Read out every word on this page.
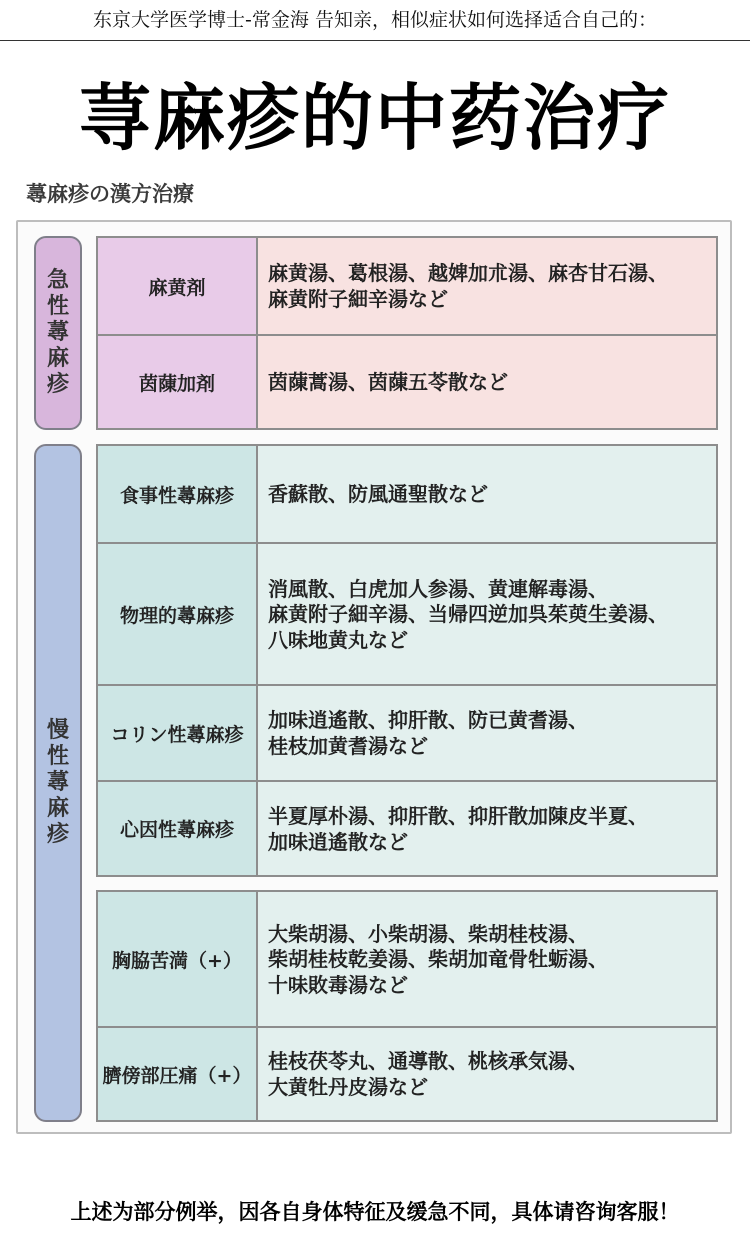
东京大学医学博士-常金海 告知亲，相似症状如何选择适合自己的：
荨麻疹的中药治疗
蕁麻疹の漢方治療
急
性
蕁
麻
疹
慢
性
蕁
麻
疹
麻黄剤
麻黄湯、葛根湯、越婢加朮湯、麻杏甘石湯、
麻黄附子細辛湯など
茵蔯加剤	茵蔯蒿湯、茵蔯五苓散など
食事性蕁麻疹	香蘇散、防風通聖散など
物理的蕁麻疹
消風散、白虎加人参湯、黄連解毒湯、
麻黄附子細辛湯、当帰四逆加呉茱萸生姜湯、
八味地黄丸など
コリン性蕁麻疹
加味逍遙散、抑肝散、防已黄耆湯、
桂枝加黄耆湯など
心因性蕁麻疹
半夏厚朴湯、抑肝散、抑肝散加陳皮半夏、
加味逍遙散など
胸脇苦満（+）
大柴胡湯、小柴胡湯、柴胡桂枝湯、
柴胡桂枝乾姜湯、柴胡加竜骨牡蛎湯、
十味敗毒湯など
臍傍部圧痛（+）
桂枝茯苓丸、通導散、桃核承気湯、
大黄牡丹皮湯など
上述为部分例举，因各自身体特征及缓急不同，具体请咨询客服！
